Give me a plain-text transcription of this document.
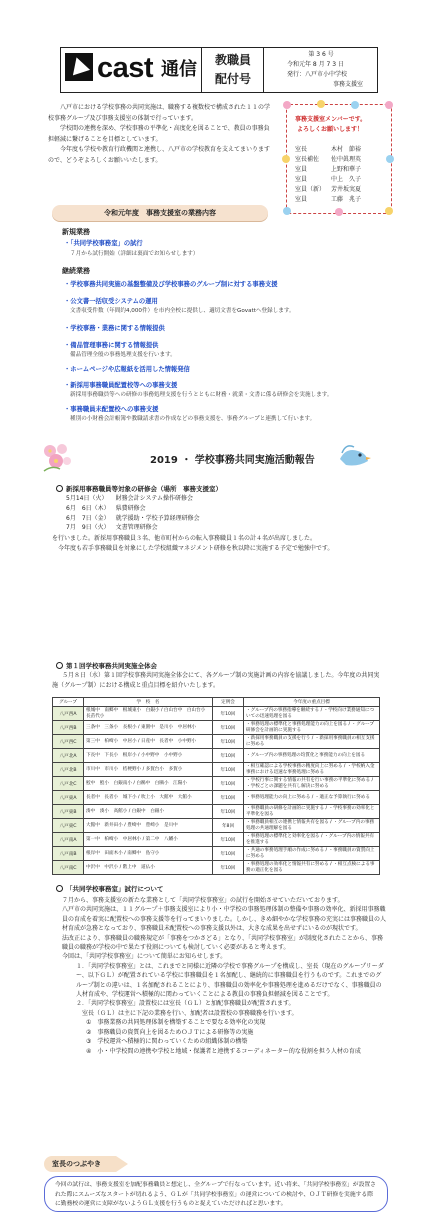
cast 通信	教職員
配付号
第 3 6 号
令和元年 8 月 7 3 日
発行：八戸市小中学校
事務支援室

八戸市における学校事務の共同実施は、職務する複数校で構成された１１の学校事務グループ及び事務支援室の体制で行っています。

学校間の連携を深め、学校事務の平準化・高度化を図ることで、教員の事務負担軽減に繋げることを目標としています。

今年度も学校や教育行政機関と連携し、八戸市の学校教育を支えてまいりますので、どうぞよろしくお願いいたします。

事務支援室メンバーです。
よろしくお願いします！
室長	木村　節裕
室長補佐 佐中眞理英
室員	上野和華子
室員	中上　久子
室員（新） 芳井坂実夏
室員	工藤　兆子
令和元年度　事務支援室の業務内容
新規業務
・「共同学校事務室」の試行
７月から試行開始（詳細は裏面でお知らせします）
継続業務
・学校事務共同実施の基盤整備及び学校事務のグループ制に対する事務支援
・公文書一括収受システムの運用
文書収受件数（年間約4,000件）を市内全校に提供し、適切文書をGovattへ登録します。
・学校事務・業務に関する情報提供
・備品管理事務に関する情報提供
備品管理全般の事務処理支援を行います。
・ホームページや広報紙を活用した情報発信
・新採用事務職員配置校等への事務支援
新採用事務職員等への研修の事務処理支援を行うとともに財務・就業・文書に係る研修会を実施します。
・事務職員未配置校への事務支援
種別の小財務会計帳簿や教職請求書の作成などの事務支援を、事務グループと連携して行います。
2019 ・ 学校事務共同実施活動報告
新採用事務職員等対象の研修会（場所　事務支援室）
5月14日（火）	財務会計システム操作研修会
6月　6日（木）	県費研修会
6月　7日（金）	就学援助・学校予算経理研修会
7月　9日（火）	文書管理研修会
を行いました。新採用事務職員３名、他市町村からの転入事務職員１名の計４名が出席しました。
今年度も若手事務職員を対象にした学校組織マネジメント研修を秋以降に実施する予定で勉強中です。
第１回学校事務共同実施全体会
５月８日（水）第１回学校事務共同実施全体会にて、各グループ制の実施計画の内容を協議しました。今年度の共同実施（グループ制）における構成と重点目標を紹介いたします。
グループ	学　校　名	定例会	今年度の重点目標
八戸西A	根城中　南郷中　根城東小　白銀小 / 白山台中　白山台小　長苗代小	年10回	・グループ内の事務指導を継続する / ・学校向け業務通知についての迅速処理を図る
八戸西B	三条中　三条小　長根小 / 東園中　是川小　中居林小	年10回	・事務処理の標準化と事務処理能力の向上を図る / ・グループ研修会を計画的に実施する
八戸西C	第三中　柏崎小　中居小 / 日産中　長者中　小中野小	年10回	・新採用事務職員の支援を行う / ・新採用事務職員の相互支援に努める
八戸北A	下長中　下長小　根岸小 / 小中野中　小中野小	年10回	・グループ内の事務処理の均質化と事務能力の向上を図る
八戸北B	市川中　市川小　桔梗野小 / 多賀台小　多賀小	年10回	・相互確認による学校事務の精度向上に努める / ・学校納入金事務における迅速な事務処理に努める
八戸北C	鮫中　鮫小　白銀南小 / 白鷗中　白鷗小　江陽小	年10回	・学校行事に関する情報の共有を行い事務の平準化に努める / ・学校ごとの課題を共有し解決に努める
八戸東A	長者中　長者小　城下小 / 吹上小　大館中　大館小	年10回	・事務処理能力の向上に努める / ・適正な予算執行に努める
八戸東B	湊中　湊小　高館小 / 白銀中　白銀小	年10回	・事務職員の研修を計画的に実施する / ・学校事務の効率化と平準化を図る
八戸東C	大館中　新井田小 / 豊崎中　豊崎小　是川中	年8回	・事務職員相互の連携と情報共有を図る / ・グループ内の事務処理の共通理解を図る
八戸南A	第一中　柏崎小　中居林小 / 第二中　八幡小	年10回	・事務処理の標準化と効率化を図る / ・グループ内の情報共有を推進する
八戸南B	根岸中　田面木小 / 南郷中　島守小	年10回	・共通の事務処理手順の作成に努める / ・事務職員の資質向上に努める
八戸南C	中沢中　中沢小 / 階上中　道仏小	年10回	・事務処理の効率化と情報共有に努める / ・相互点検による事務の適正化を図る
「共同学校事務室」試行について

７月から、事務支援室の新たな業務として「共同学校事務室」の試行を開始させていただいております。

八戸市の共同実施は、１１グループ＋事務支援室により小・中学校の事務処理体制の整備や事務の効率化、新採用事務職員の育成を着実に配置校への事務支援等を行ってまいりました。しかし、きめ細やかな学校事務の充実には事務職員の人材育成が急務となっており、事務職員未配置校への事務支援以外は、大きな成果を出せずにいるのが現状です。

法改正により、事務職員の職務規定が「事務をつかさどる」となり、「共同学校事務室」が制度化されたことから、事務職員の職務が学校の中で果たす役割についても検討していく必要があると考えます。

今回は、「共同学校事務室」について簡単にお知らせします。

１．「共同学校事務室」とは、これまでと同様に近隣の学校で事務グループを構成し、室長（現在のグループリーダー、以下ＧＬ）が配置されている学校に事務職員を１名加配し、継続的に事務職員を行うものです。これまでのグループ制との違いは、１名加配されることにより、事務職員の効率化や事務処理を進めるだけでなく、事務職員の人材育成や、学校運営へ積極的に関わっていくことによる教員の事務負担軽減を図ることです。

２．「共同学校事務室」設置校には室長（ＧＬ）と加配事務職員が配置されます。

室長（ＧＬ）は主に下記の業務を行い、加配者は設置校の事務職務を行います。

①　事務業務の共同処理体制を構築することで要なる効率化の実現

②　事務職員の資質向上を図るためＯＪＴによる研修等の実施

③　学校運営へ積極的に関わっていくための組織体制の構築

④　小・中学校間の連携や学校と地域・保護者と連携するコーディネーター的な役割を担う人材の育成

室長のつぶやき

今回の試行は、事務支援室を加配事務職員と想定し、全グループで行なっています。近い将来、「共同学校事務室」が設置された際にスムーズなスタートが切れるよう、ＧＬが「共同学校事務室」の運営についての検討や、ＯＪＴ研修を実施する際に勤務校の運営に支障がないようＧＬ支援を行うものと捉えていただければと思います。
